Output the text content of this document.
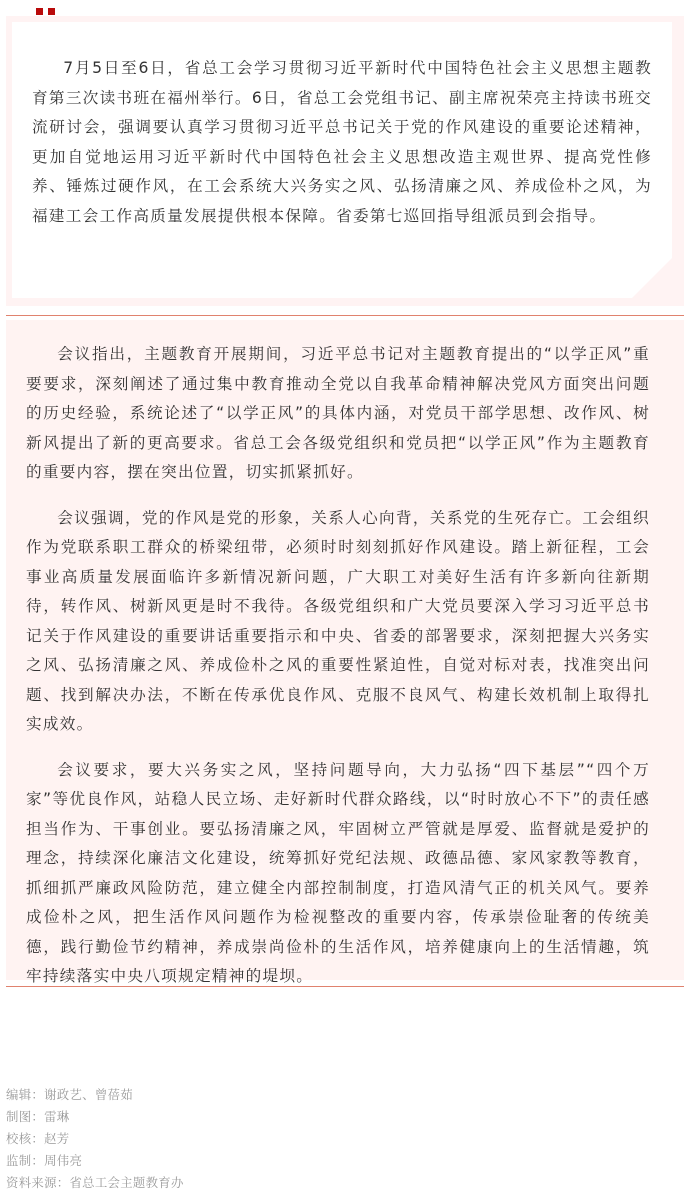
7月5日至6日，省总工会学习贯彻习近平新时代中国特色社会主义思想主题教育第三次读书班在福州举行。6日，省总工会党组书记、副主席祝荣亮主持读书班交流研讨会，强调要认真学习贯彻习近平总书记关于党的作风建设的重要论述精神，更加自觉地运用习近平新时代中国特色社会主义思想改造主观世界、提高党性修养、锤炼过硬作风，在工会系统大兴务实之风、弘扬清廉之风、养成俭朴之风，为福建工会工作高质量发展提供根本保障。省委第七巡回指导组派员到会指导。

会议指出，主题教育开展期间，习近平总书记对主题教育提出的“以学正风”重要要求，深刻阐述了通过集中教育推动全党以自我革命精神解决党风方面突出问题的历史经验，系统论述了“以学正风”的具体内涵，对党员干部学思想、改作风、树新风提出了新的更高要求。省总工会各级党组织和党员把“以学正风”作为主题教育的重要内容，摆在突出位置，切实抓紧抓好。

会议强调，党的作风是党的形象，关系人心向背，关系党的生死存亡。工会组织作为党联系职工群众的桥梁纽带，必须时时刻刻抓好作风建设。踏上新征程，工会事业高质量发展面临许多新情况新问题，广大职工对美好生活有许多新向往新期待，转作风、树新风更是时不我待。各级党组织和广大党员要深入学习习近平总书记关于作风建设的重要讲话重要指示和中央、省委的部署要求，深刻把握大兴务实之风、弘扬清廉之风、养成俭朴之风的重要性紧迫性，自觉对标对表，找准突出问题、找到解决办法，不断在传承优良作风、克服不良风气、构建长效机制上取得扎实成效。

会议要求，要大兴务实之风，坚持问题导向，大力弘扬“四下基层”“四个万家”等优良作风，站稳人民立场、走好新时代群众路线，以“时时放心不下”的责任感担当作为、干事创业。要弘扬清廉之风，牢固树立严管就是厚爱、监督就是爱护的理念，持续深化廉洁文化建设，统筹抓好党纪法规、政德品德、家风家教等教育，抓细抓严廉政风险防范，建立健全内部控制制度，打造风清气正的机关风气。要养成俭朴之风，把生活作风问题作为检视整改的重要内容，传承崇俭耻奢的传统美德，践行勤俭节约精神，养成崇尚俭朴的生活作风，培养健康向上的生活情趣，筑牢持续落实中央八项规定精神的堤坝。

编辑：谢政艺、曾蓓茹
制图：雷琳
校核：赵芳
监制：周伟亮
资料来源：省总工会主题教育办
